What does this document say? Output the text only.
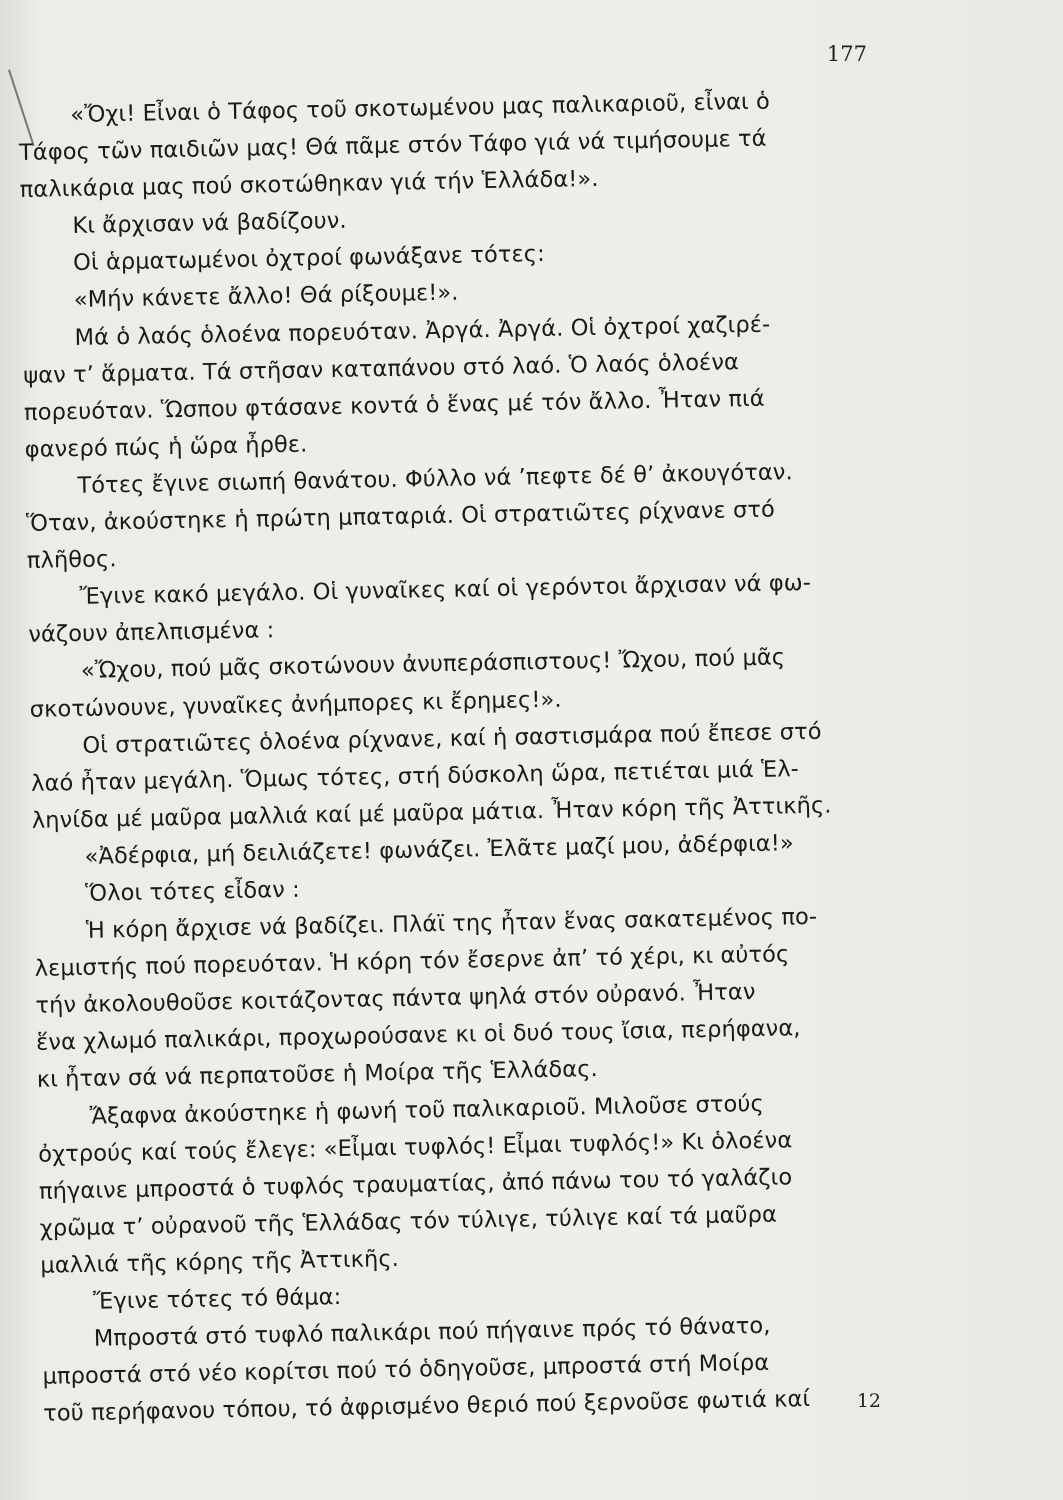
177
«Ὄχι! Εἶναι ὁ Τάφος τοῦ σκοτωμένου μας παλικαριοῦ, εἶναι ὁ
Τάφος τῶν παιδιῶν μας! Θά πᾶμε στόν Τάφο γιά νά τιμήσουμε τά
παλικάρια μας πού σκοτώθηκαν γιά τήν Ἑλλάδα!».
Κι ἄρχισαν νά βαδίζουν.
Οἱ ἁρματωμένοι ὀχτροί φωνάξανε τότες:
«Μήν κάνετε ἄλλο! Θά ρίξουμε!».
Μά ὁ λαός ὁλοένα πορευόταν. Ἀργά. Ἀργά. Οἱ ὀχτροί χαζιρέ-
ψαν τ’ ἅρματα. Τά στῆσαν καταπάνου στό λαό. Ὁ λαός ὁλοένα
πορευόταν. Ὥσπου φτάσανε κοντά ὁ ἕνας μέ τόν ἄλλο. Ἦταν πιά
φανερό πώς ἡ ὥρα ἦρθε.
Τότες ἔγινε σιωπή θανάτου. Φύλλο νά ’πεφτε δέ θ’ ἀκουγόταν.
Ὅταν, ἀκούστηκε ἡ πρώτη μπαταριά. Οἱ στρατιῶτες ρίχνανε στό
πλῆθος.
Ἔγινε κακό μεγάλο. Οἱ γυναῖκες καί οἱ γερόντοι ἄρχισαν νά φω-
νάζουν ἀπελπισμένα :
«Ὤχου, πού μᾶς σκοτώνουν ἀνυπεράσπιστους! Ὤχου, πού μᾶς
σκοτώνουνε, γυναῖκες ἀνήμπορες κι ἔρημες!».
Οἱ στρατιῶτες ὁλοένα ρίχνανε, καί ἡ σαστισμάρα πού ἔπεσε στό
λαό ἦταν μεγάλη. Ὅμως τότες, στή δύσκολη ὥρα, πετιέται μιά Ἑλ-
ληνίδα μέ μαῦρα μαλλιά καί μέ μαῦρα μάτια. Ἦταν κόρη τῆς Ἀττικῆς.
«Ἀδέρφια, μή δειλιάζετε! φωνάζει. Ἐλᾶτε μαζί μου, ἀδέρφια!»
Ὅλοι τότες εἶδαν :
Ἡ κόρη ἄρχισε νά βαδίζει. Πλάϊ της ἦταν ἕνας σακατεμένος πο-
λεμιστής πού πορευόταν. Ἡ κόρη τόν ἔσερνε ἀπ’ τό χέρι, κι αὐτός
τήν ἀκολουθοῦσε κοιτάζοντας πάντα ψηλά στόν οὐρανό. Ἦταν
ἕνα χλωμό παλικάρι, προχωρούσανε κι οἱ δυό τους ἴσια, περήφανα,
κι ἦταν σά νά περπατοῦσε ἡ Μοίρα τῆς Ἑλλάδας.
Ἄξαφνα ἀκούστηκε ἡ φωνή τοῦ παλικαριοῦ. Μιλοῦσε στούς
ὀχτρούς καί τούς ἔλεγε: «Εἶμαι τυφλός! Εἶμαι τυφλός!» Κι ὁλοένα
πήγαινε μπροστά ὁ τυφλός τραυματίας, ἀπό πάνω του τό γαλάζιο
χρῶμα τ’ οὐρανοῦ τῆς Ἑλλάδας τόν τύλιγε, τύλιγε καί τά μαῦρα
μαλλιά τῆς κόρης τῆς Ἀττικῆς.
Ἔγινε τότες τό θάμα:
Μπροστά στό τυφλό παλικάρι πού πήγαινε πρός τό θάνατο,
μπροστά στό νέο κορίτσι πού τό ὁδηγοῦσε, μπροστά στή Μοίρα
τοῦ περήφανου τόπου, τό ἀφρισμένο θεριό πού ξερνοῦσε φωτιά καί	12
